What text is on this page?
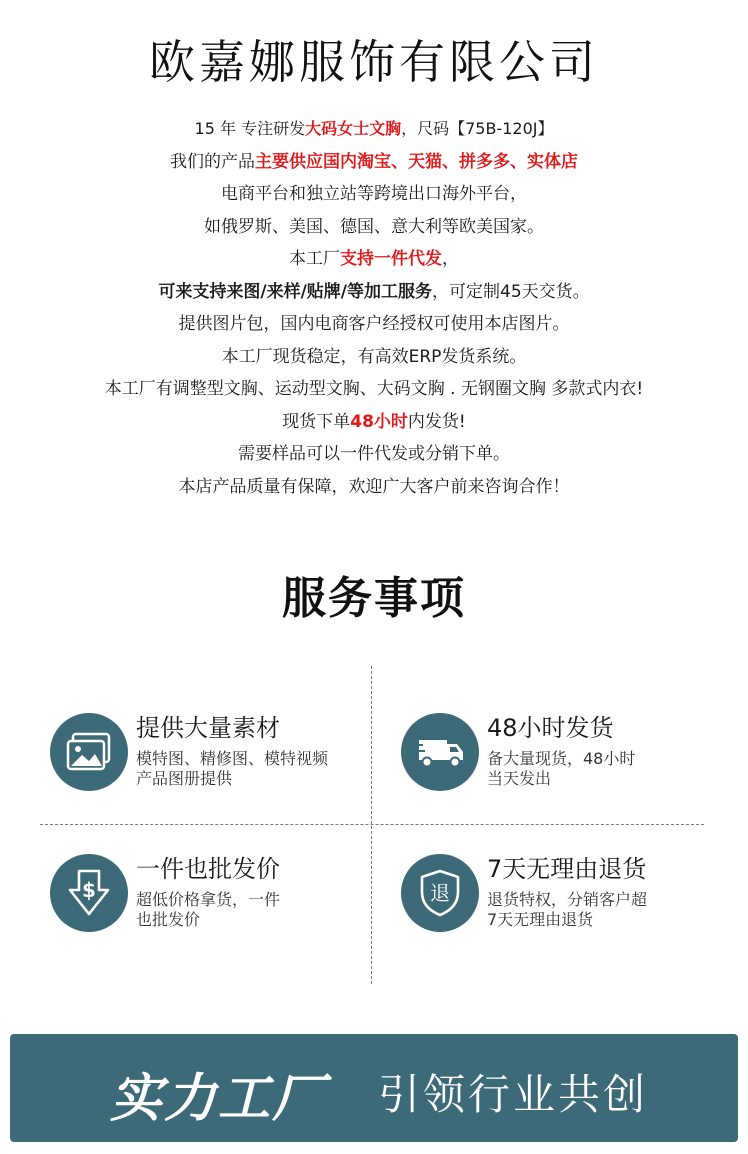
欧嘉娜服饰有限公司
15 年 专注研发大码女士文胸，尺码【75B-120J】
我们的产品主要供应国内淘宝、天猫、拼多多、实体店
电商平台和独立站等跨境出口海外平台，
如俄罗斯、美国、德国、意大利等欧美国家。
本工厂支持一件代发，
可来支持来图/来样/贴牌/等加工服务，可定制45天交货。
提供图片包，国内电商客户经授权可使用本店图片。
本工厂现货稳定，有高效ERP发货系统。
本工厂有调整型文胸、运动型文胸、大码文胸 . 无钢圈文胸 多款式内衣!
现货下单48小时内发货!
需要样品可以一件代发或分销下单。
本店产品质量有保障，欢迎广大客户前来咨询合作！
服务事项
提供大量素材
模特图、精修图、模特视频
产品图册提供
48小时发货
备大量现货，48小时
当天发出
$
一件也批发价
超低价格拿货，一件
也批发价
退
7天无理由退货
退货特权，分销客户超
7天无理由退货
实力工厂 引领行业共创
